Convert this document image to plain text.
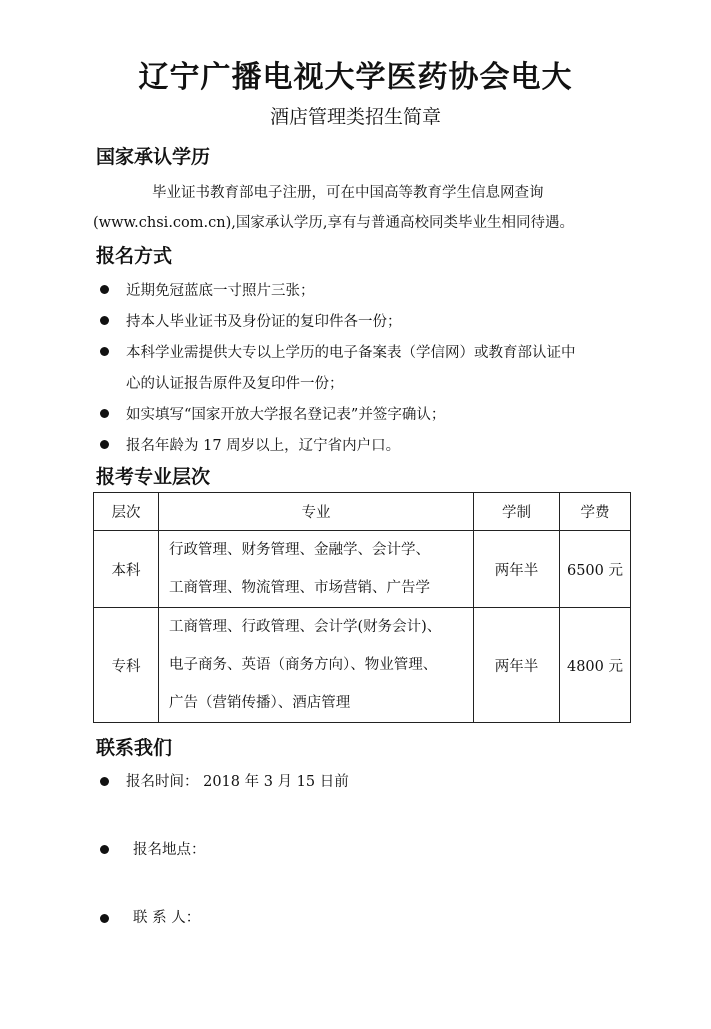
辽宁广播电视大学医药协会电大
酒店管理类招生简章
国家承认学历
毕业证书教育部电子注册，可在中国高等教育学生信息网查询
(www.chsi.com.cn),国家承认学历,享有与普通高校同类毕业生相同待遇。
报名方式
近期免冠蓝底一寸照片三张；
持本人毕业证书及身份证的复印件各一份；
本科学业需提供大专以上学历的电子备案表（学信网）或教育部认证中
心的认证报告原件及复印件一份；
如实填写“国家开放大学报名登记表”并签字确认；
报名年龄为 17 周岁以上，辽宁省内户口。
报考专业层次
层次	专业	学制	学费
本科	行政管理、财务管理、金融学、会计学、
工商管理、物流管理、市场营销、广告学	两年半	6500 元
专科	工商管理、行政管理、会计学(财务会计)、
电子商务、英语（商务方向）、物业管理、
广告（营销传播）、酒店管理	两年半	4800 元
联系我们
报名时间： 2018 年 3 月 15 日前
报名地点：
联 系 人：
